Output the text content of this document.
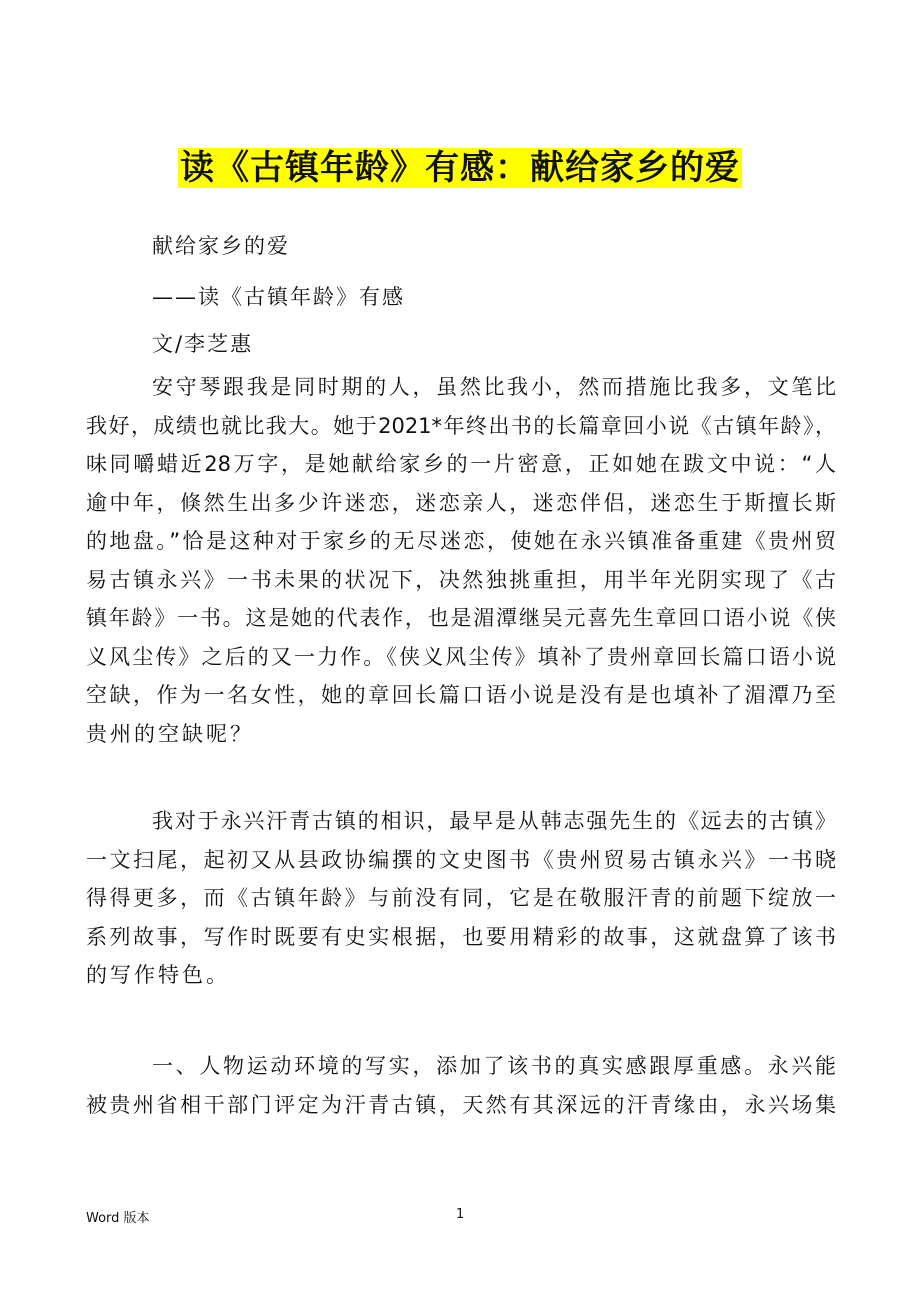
读《古镇年龄》有感：献给家乡的爱
献给家乡的爱
——读《古镇年龄》有感
文/李芝惠
安守琴跟我是同时期的人，虽然比我小，然而措施比我多，文笔比
我好，成绩也就比我大。她于2021*年终出书的长篇章回小说《古镇年龄》，
味同嚼蜡近28万字，是她献给家乡的一片密意，正如她在跋文中说：“人
逾中年，倏然生出多少许迷恋，迷恋亲人，迷恋伴侣，迷恋生于斯擅长斯
的地盘。”恰是这种对于家乡的无尽迷恋，使她在永兴镇准备重建《贵州贸
易古镇永兴》一书未果的状况下，决然独挑重担，用半年光阴实现了《古
镇年龄》一书。这是她的代表作，也是湄潭继吴元喜先生章回口语小说《侠
义风尘传》之后的又一力作。《侠义风尘传》填补了贵州章回长篇口语小说
空缺，作为一名女性，她的章回长篇口语小说是没有是也填补了湄潭乃至
贵州的空缺呢？
我对于永兴汗青古镇的相识，最早是从韩志强先生的《远去的古镇》
一文扫尾，起初又从县政协编撰的文史图书《贵州贸易古镇永兴》一书晓
得得更多，而《古镇年龄》与前没有同，它是在敬服汗青的前题下绽放一
系列故事，写作时既要有史实根据，也要用精彩的故事，这就盘算了该书
的写作特色。
一、人物运动环境的写实，添加了该书的真实感跟厚重感。永兴能
被贵州省相干部门评定为汗青古镇，天然有其深远的汗青缘由，永兴场集
Word 版本	1
